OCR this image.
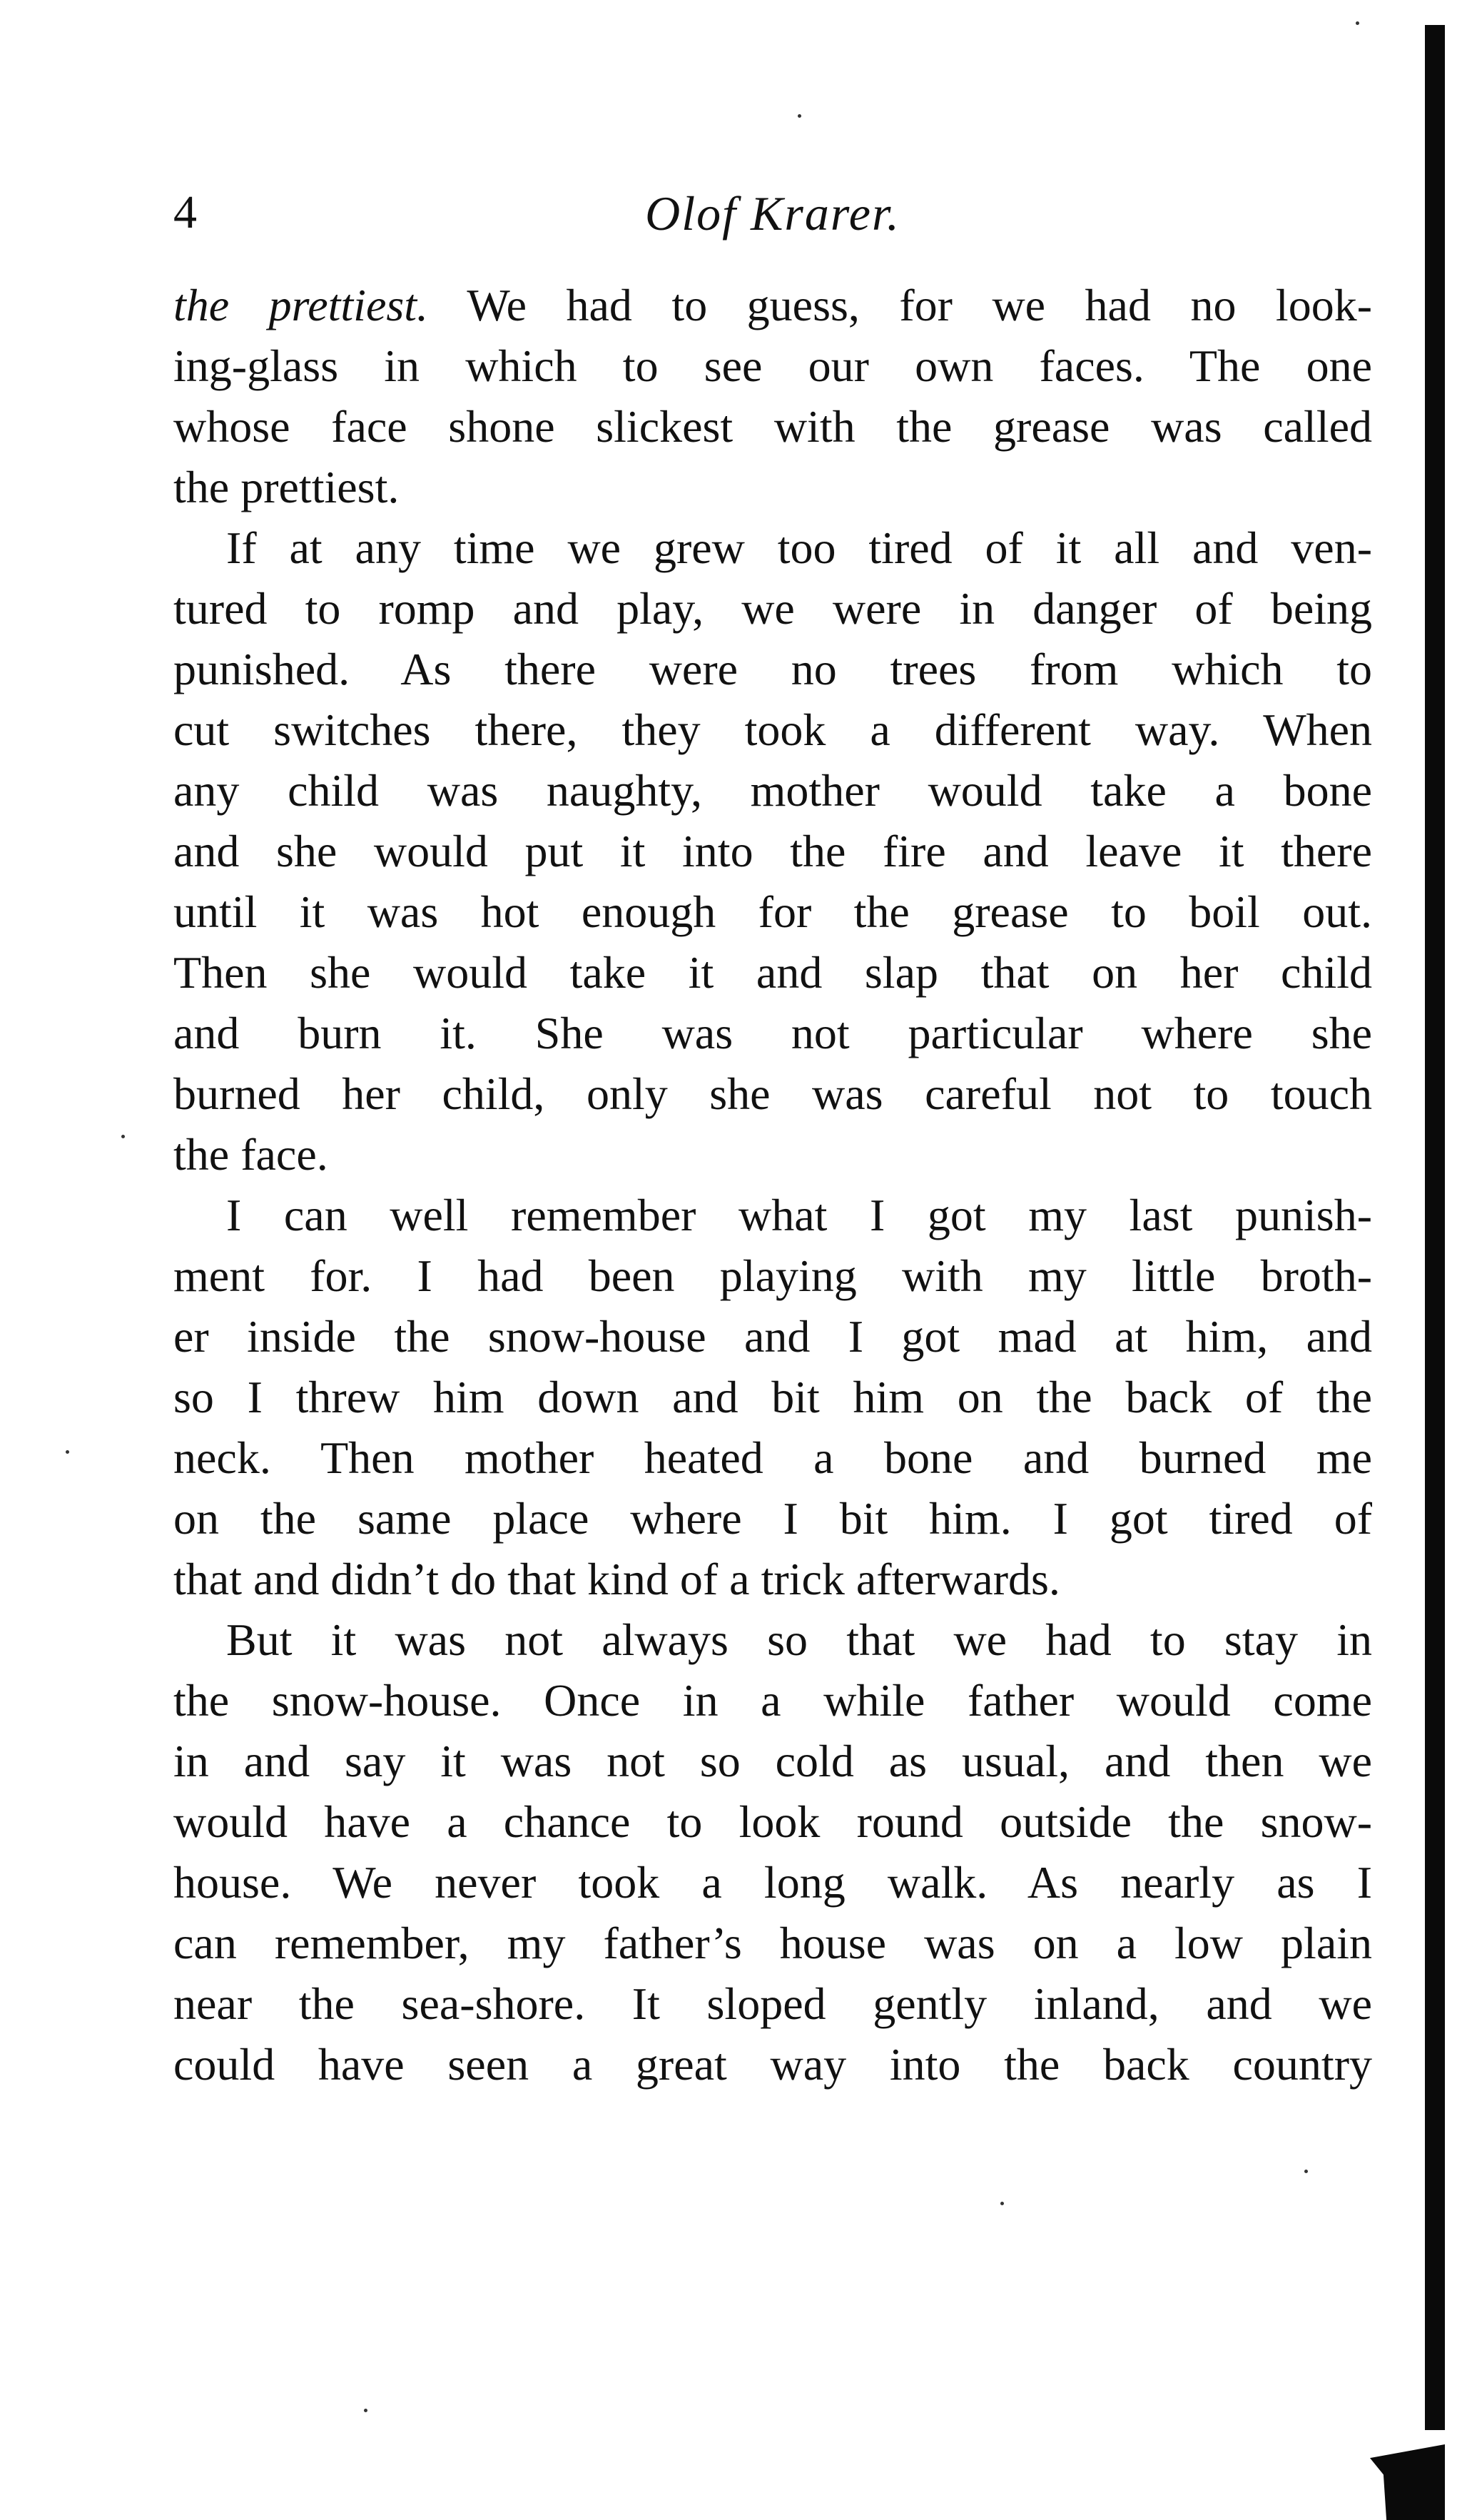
4	Olof Krarer.
the prettiest. We had to guess, for we had no look-
ing-glass in which to see our own faces. The one
whose face shone slickest with the grease was called
the prettiest.
If at any time we grew too tired of it all and ven-
tured to romp and play, we were in danger of being
punished. As there were no trees from which to
cut switches there, they took a different way. When
any child was naughty, mother would take a bone
and she would put it into the fire and leave it there
until it was hot enough for the grease to boil out.
Then she would take it and slap that on her child
and burn it. She was not particular where she
burned her child, only she was careful not to touch
the face.
I can well remember what I got my last punish-
ment for. I had been playing with my little broth-
er inside the snow-house and I got mad at him, and
so I threw him down and bit him on the back of the
neck. Then mother heated a bone and burned me
on the same place where I bit him. I got tired of
that and didn’t do that kind of a trick afterwards.
But it was not always so that we had to stay in
the snow-house. Once in a while father would come
in and say it was not so cold as usual, and then we
would have a chance to look round outside the snow-
house. We never took a long walk. As nearly as I
can remember, my father’s house was on a low plain
near the sea-shore. It sloped gently inland, and we
could have seen a great way into the back country
